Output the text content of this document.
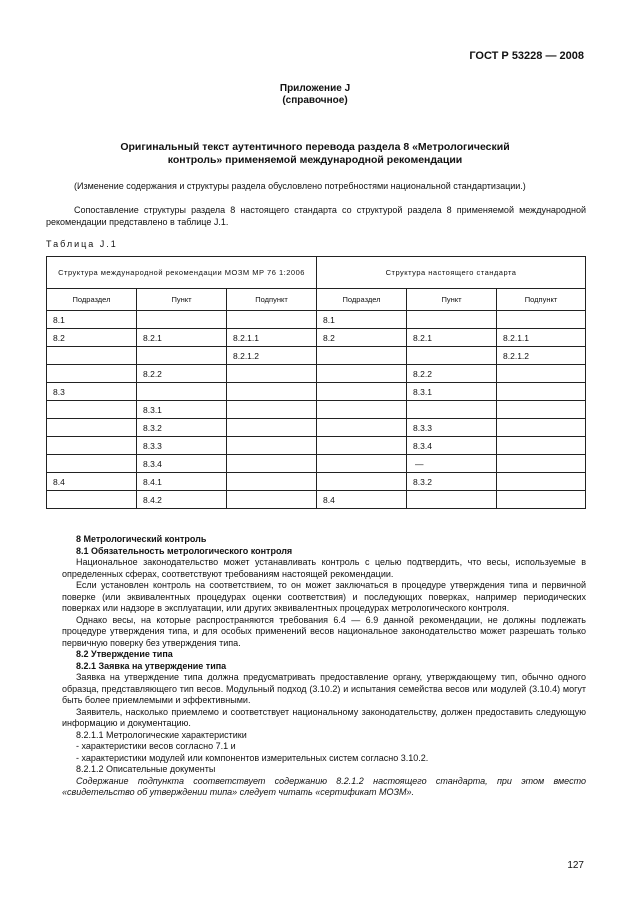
ГОСТ Р 53228 — 2008
Приложение J
(справочное)
Оригинальный текст аутентичного перевода раздела 8 «Метрологический
контроль» применяемой международной рекомендации
(Изменение содержания и структуры раздела обусловлено потребностями национальной стандартизации.)
Сопоставление структуры раздела 8 настоящего стандарта со структурой раздела 8 применяемой международной рекомендации представлено в таблице J.1.
Таблица J.1
Структура международной рекомендации МОЗМ МР 76 1:2006			Структура настоящего стандарта		
Подраздел	Пункт	Подпункт	Подраздел	Пункт	Подпункт
8.1			8.1		
8.2	8.2.1	8.2.1.1	8.2	8.2.1	8.2.1.1
		8.2.1.2			8.2.1.2
	8.2.2			8.2.2	
8.3				8.3.1	
	8.3.1				
	8.3.2			8.3.3	
	8.3.3			8.3.4	
	8.3.4			—	
8.4	8.4.1			8.3.2	
	8.4.2		8.4		
8 Метрологический контроль
8.1 Обязательность метрологического контроля
Национальное законодательство может устанавливать контроль с целью подтвердить, что весы, используемые в определенных сферах, соответствуют требованиям настоящей рекомендации.
Если установлен контроль на соответствием, то он может заключаться в процедуре утверждения типа и первичной поверке (или эквивалентных процедурах оценки соответствия) и последующих поверках, например периодических поверках или надзоре в эксплуатации, или других эквивалентных процедурах метрологического контроля.
Однако весы, на которые распространяются требования 6.4 — 6.9 данной рекомендации, не должны подлежать процедуре утверждения типа, и для особых применений весов национальное законодательство может разрешать только первичную поверку без утверждения типа.
8.2 Утверждение типа
8.2.1 Заявка на утверждение типа
Заявка на утверждение типа должна предусматривать предоставление органу, утверждающему тип, обычно одного образца, представляющего тип весов. Модульный подход (3.10.2) и испытания семейства весов или модулей (3.10.4) могут быть более приемлемыми и эффективными.
Заявитель, насколько приемлемо и соответствует национальному законодательству, должен предоставить следующую информацию и документацию.
8.2.1.1 Метрологические характеристики
- характеристики весов согласно 7.1 и
- характеристики модулей или компонентов измерительных систем согласно 3.10.2.
8.2.1.2 Описательные документы
Содержание подпункта соответствует содержанию 8.2.1.2 настоящего стандарта, при этом вместо «свидетельство об утверждении типа» следует читать «сертификат МОЗМ».
127
